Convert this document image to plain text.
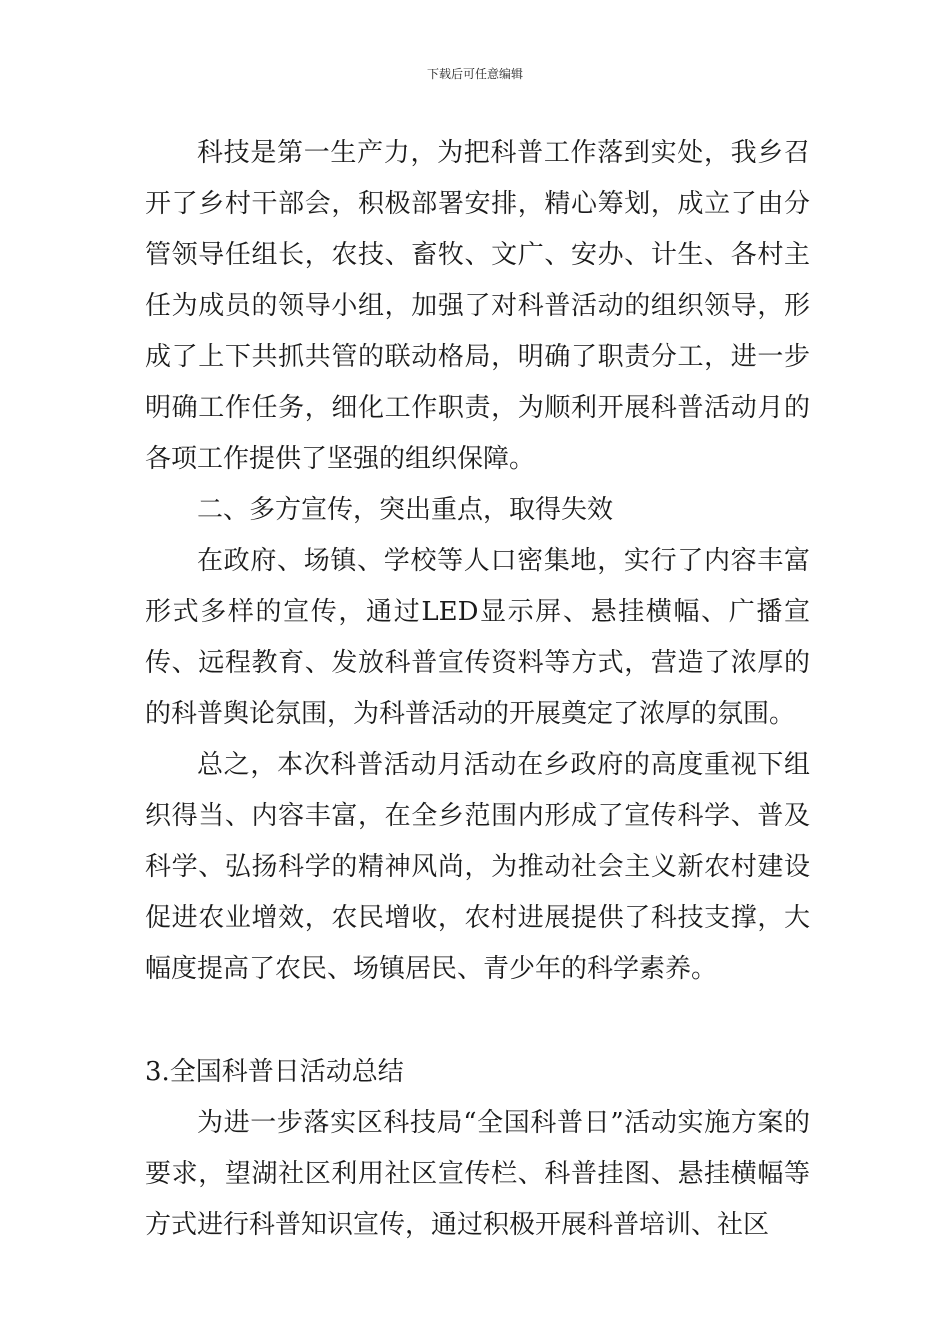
下载后可任意编辑

科技是第一生产力，为把科普工作落到实处，我乡召开了乡村干部会，积极部署安排，精心筹划，成立了由分管领导任组长，农技、畜牧、文广、安办、计生、各村主任为成员的领导小组，加强了对科普活动的组织领导，形成了上下共抓共管的联动格局，明确了职责分工，进一步明确工作任务，细化工作职责，为顺利开展科普活动月的各项工作提供了坚强的组织保障。

二、多方宣传，突出重点，取得失效

在政府、场镇、学校等人口密集地，实行了内容丰富形式多样的宣传，通过LED显示屏、悬挂横幅、广播宣传、远程教育、发放科普宣传资料等方式，营造了浓厚的的科普舆论氛围，为科普活动的开展奠定了浓厚的氛围。

总之，本次科普活动月活动在乡政府的高度重视下组织得当、内容丰富，在全乡范围内形成了宣传科学、普及科学、弘扬科学的精神风尚，为推动社会主义新农村建设促进农业增效，农民增收，农村进展提供了科技支撑，大幅度提高了农民、场镇居民、青少年的科学素养。

3.全国科普日活动总结

为进一步落实区科技局“全国科普日”活动实施方案的要求，望湖社区利用社区宣传栏、科普挂图、悬挂横幅等方式进行科普知识宣传，通过积极开展科普培训、社区
